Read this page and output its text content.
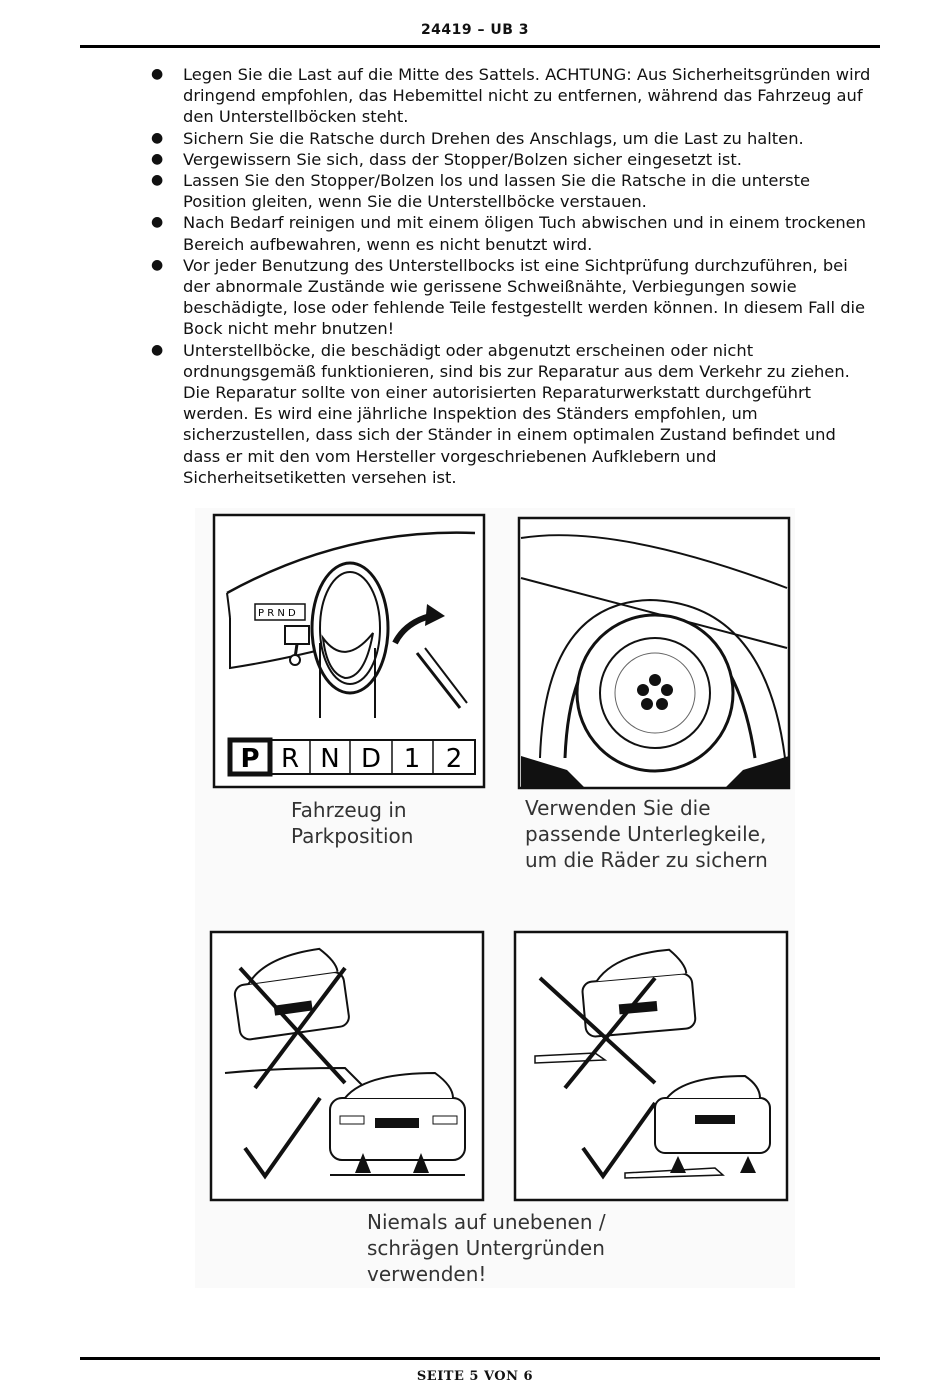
24419 – UB 3
● Legen Sie die Last auf die Mitte des Sattels. ACHTUNG: Aus Sicherheitsgründen wird dringend empfohlen, das Hebemittel nicht zu entfernen, während das Fahrzeug auf den Unterstellböcken steht.
● Sichern Sie die Ratsche durch Drehen des Anschlags, um die Last zu halten.
● Vergewissern Sie sich, dass der Stopper/Bolzen sicher eingesetzt ist.
● Lassen Sie den Stopper/Bolzen los und lassen Sie die Ratsche in die unterste Position gleiten, wenn Sie die Unterstellböcke verstauen.
● Nach Bedarf reinigen und mit einem öligen Tuch abwischen und in einem trockenen Bereich aufbewahren, wenn es nicht benutzt wird.
● Vor jeder Benutzung des Unterstellbocks ist eine Sichtprüfung durchzuführen, bei der abnormale Zustände wie gerissene Schweißnähte, Verbiegungen sowie beschädigte, lose oder fehlende Teile festgestellt werden können. In diesem Fall die Bock nicht mehr bnutzen!
● Unterstellböcke, die beschädigt oder abgenutzt erscheinen oder nicht ordnungsgemäß funktionieren, sind bis zur Reparatur aus dem Verkehr zu ziehen. Die Reparatur sollte von einer autorisierten Reparaturwerkstatt durchgeführt werden. Es wird eine jährliche Inspektion des Ständers empfohlen, um sicherzustellen, dass sich der Ständer in einem optimalen Zustand befindet und dass er mit den vom Hersteller vorgeschriebenen Aufklebern und Sicherheitsetiketten versehen ist.
P R N D
P R N D 1 2
Fahrzeug in
Parkposition
Verwenden Sie die
passende Unterlegkeile,
um die Räder zu sichern
Niemals auf unebenen /
schrägen Untergründen
verwenden!
SEITE 5 VON 6
